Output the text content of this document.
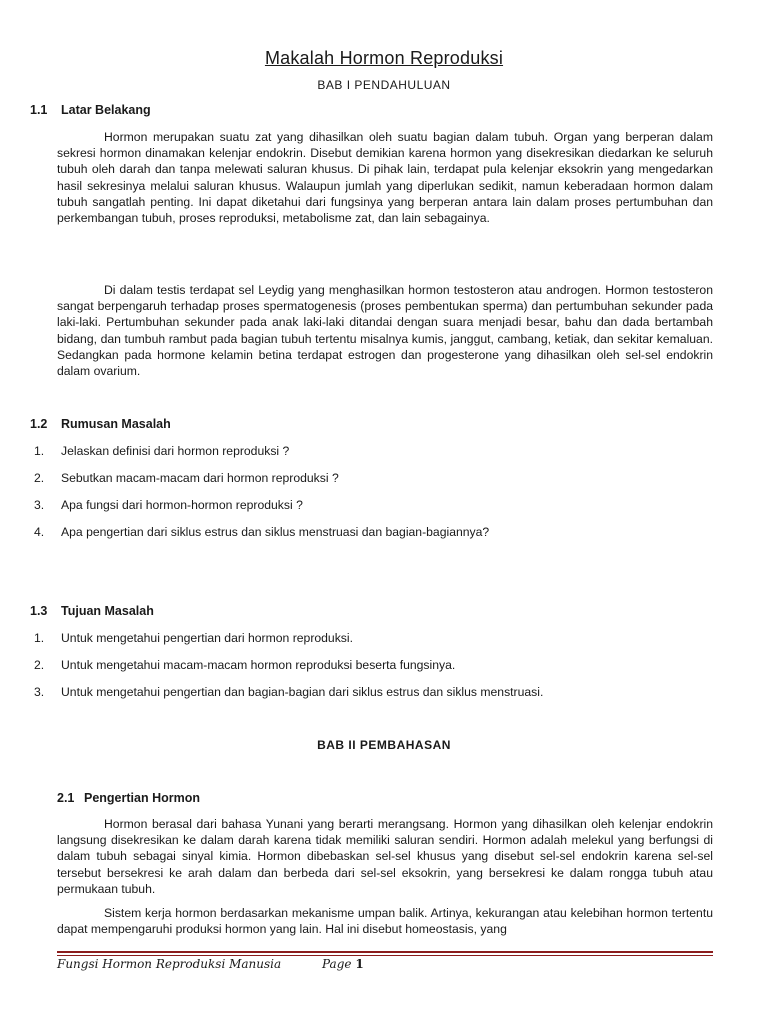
Makalah Hormon Reproduksi
BAB I PENDAHULUAN
1.1 Latar Belakang
Hormon merupakan suatu zat yang dihasilkan oleh suatu bagian dalam tubuh. Organ yang berperan dalam sekresi hormon dinamakan kelenjar endokrin. Disebut demikian karena hormon yang disekresikan diedarkan ke seluruh tubuh oleh darah dan tanpa melewati saluran khusus. Di pihak lain, terdapat pula kelenjar eksokrin yang mengedarkan hasil sekresinya melalui saluran khusus. Walaupun jumlah yang diperlukan sedikit, namun keberadaan hormon dalam tubuh sangatlah penting. Ini dapat diketahui dari fungsinya yang berperan antara lain dalam proses pertumbuhan dan perkembangan tubuh, proses reproduksi, metabolisme zat, dan lain sebagainya.
Di dalam testis terdapat sel Leydig yang menghasilkan hormon testosteron atau androgen. Hormon testosteron sangat berpengaruh terhadap proses spermatogenesis (proses pembentukan sperma) dan pertumbuhan sekunder pada laki-laki. Pertumbuhan sekunder pada anak laki-laki ditandai dengan suara menjadi besar, bahu dan dada bertambah bidang, dan tumbuh rambut pada bagian tubuh tertentu misalnya kumis, janggut, cambang, ketiak, dan sekitar kemaluan. Sedangkan pada hormone kelamin betina terdapat estrogen dan progesterone yang dihasilkan oleh sel-sel endokrin dalam ovarium.
1.2 Rumusan Masalah
1. Jelaskan definisi dari hormon reproduksi ?
2. Sebutkan macam-macam dari hormon reproduksi ?
3. Apa fungsi dari hormon-hormon reproduksi ?
4. Apa pengertian dari siklus estrus dan siklus menstruasi dan bagian-bagiannya?
1.3 Tujuan Masalah
1. Untuk mengetahui pengertian dari hormon reproduksi.
2. Untuk mengetahui macam-macam hormon reproduksi beserta fungsinya.
3. Untuk mengetahui pengertian dan bagian-bagian dari siklus estrus dan siklus menstruasi.
BAB II PEMBAHASAN
2.1 Pengertian Hormon
Hormon berasal dari bahasa Yunani yang berarti merangsang. Hormon yang dihasilkan oleh kelenjar endokrin langsung disekresikan ke dalam darah karena tidak memiliki saluran sendiri. Hormon adalah melekul yang berfungsi di dalam tubuh sebagai sinyal kimia. Hormon dibebaskan sel-sel khusus yang disebut sel-sel endokrin karena sel-sel tersebut bersekresi ke arah dalam dan berbeda dari sel-sel eksokrin, yang bersekresi ke dalam rongga tubuh atau permukaan tubuh.
Sistem kerja hormon berdasarkan mekanisme umpan balik. Artinya, kekurangan atau kelebihan hormon tertentu dapat mempengaruhi produksi hormon yang lain. Hal ini disebut homeostasis, yang
Fungsi Hormon Reproduksi Manusia	Page 1
